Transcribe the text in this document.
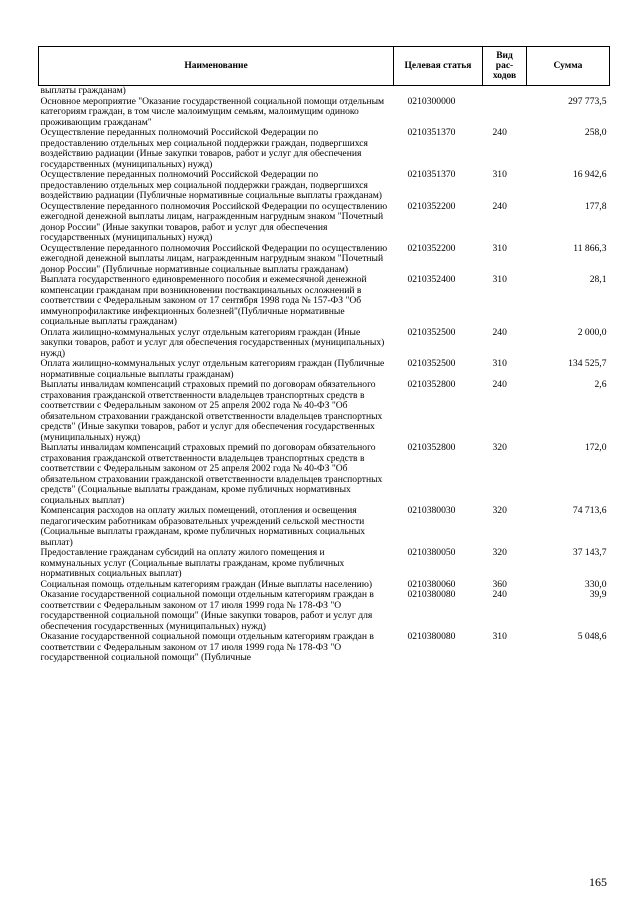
Наименование	Целевая статья	Вид
рас-
ходов	Сумма
выплаты гражданам)			
Основное мероприятие "Оказание государственной социальной помощи отдельным категориям граждан, в том числе малоимущим семьям, малоимущим одиноко проживающим гражданам"	0210300000		297 773,5
Осуществление переданных полномочий Российской Федерации по предоставлению отдельных мер социальной поддержки граждан, подвергшихся воздействию радиации (Иные закупки товаров, работ и услуг для обеспечения государственных (муниципальных) нужд)	0210351370	240	258,0
Осуществление переданных полномочий Российской Федерации по предоставлению отдельных мер социальной поддержки граждан, подвергшихся воздействию радиации (Публичные нормативные социальные выплаты гражданам)	0210351370	310	16 942,6
Осуществление переданного полномочия Российской Федерации по осуществлению ежегодной денежной выплаты лицам, награжденным нагрудным знаком "Почетный донор России" (Иные закупки товаров, работ и услуг для обеспечения государственных (муниципальных) нужд)	0210352200	240	177,8
Осуществление переданного полномочия Российской Федерации по осуществлению ежегодной денежной выплаты лицам, награжденным нагрудным знаком "Почетный донор России" (Публичные нормативные социальные выплаты гражданам)	0210352200	310	11 866,3
Выплата государственного единовременного пособия и ежемесячной денежной компенсации гражданам при возникновении поствакцинальных осложнений в соответствии с Федеральным законом от 17 сентября 1998 года № 157-ФЗ "Об иммунопрофилактике инфекционных болезней"(Публичные нормативные социальные выплаты гражданам)	0210352400	310	28,1
Оплата жилищно-коммунальных услуг отдельным категориям граждан (Иные закупки товаров, работ и услуг для обеспечения государственных (муниципальных) нужд)	0210352500	240	2 000,0
Оплата жилищно-коммунальных услуг отдельным категориям граждан (Публичные нормативные социальные выплаты гражданам)	0210352500	310	134 525,7
Выплаты инвалидам компенсаций страховых премий по договорам обязательного страхования гражданской ответственности владельцев транспортных средств в соответствии с Федеральным законом от 25 апреля 2002 года № 40-ФЗ "Об обязательном страховании гражданской ответственности владельцев транспортных средств" (Иные закупки товаров, работ и услуг для обеспечения государственных (муниципальных) нужд)	0210352800	240	2,6
Выплаты инвалидам компенсаций страховых премий по договорам обязательного страхования гражданской ответственности владельцев транспортных средств в соответствии с Федеральным законом от 25 апреля 2002 года № 40-ФЗ "Об обязательном страховании гражданской ответственности владельцев транспортных средств" (Социальные выплаты гражданам, кроме публичных нормативных социальных выплат)	0210352800	320	172,0
Компенсация расходов на оплату жилых помещений, отопления и освещения педагогическим работникам образовательных учреждений сельской местности (Социальные выплаты гражданам, кроме публичных нормативных социальных выплат)	0210380030	320	74 713,6
Предоставление гражданам субсидий на оплату жилого помещения и коммунальных услуг (Социальные выплаты гражданам, кроме публичных нормативных социальных выплат)	0210380050	320	37 143,7
Социальная помощь отдельным категориям граждан (Иные выплаты населению)	0210380060	360	330,0
Оказание государственной социальной помощи отдельным категориям граждан в соответствии с Федеральным законом от 17 июля 1999 года № 178-ФЗ "О государственной социальной помощи" (Иные закупки товаров, работ и услуг для обеспечения государственных (муниципальных) нужд)	0210380080	240	39,9
Оказание государственной социальной помощи отдельным категориям граждан в соответствии с Федеральным законом от 17 июля 1999 года № 178-ФЗ "О государственной социальной помощи" (Публичные	0210380080	310	5 048,6
165
